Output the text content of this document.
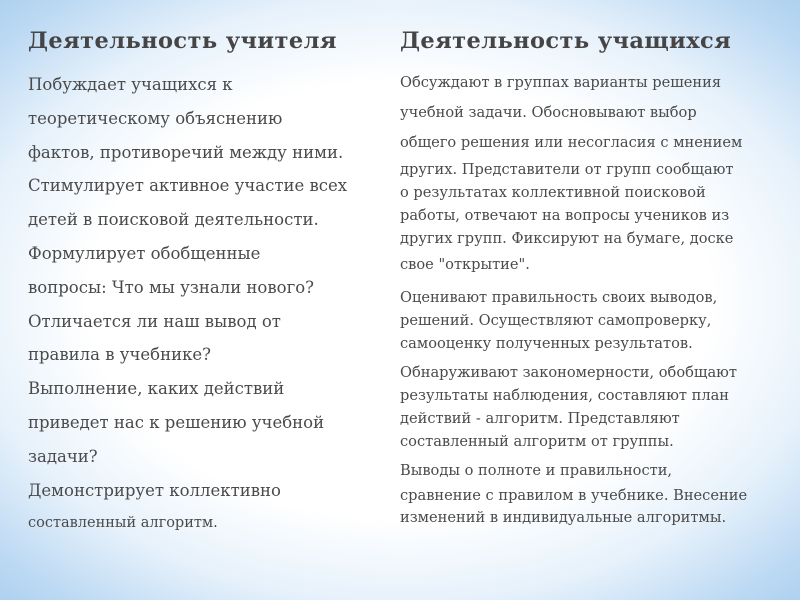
Деятельность учителя
Побуждает учащихся к
теоретическому объяснению
фактов, противоречий между ними.
Стимулирует активное участие всех
детей в поисковой деятельности.
Формулирует обобщенные
вопросы: Что мы узнали нового?
Отличается ли наш вывод от
правила в учебнике?
Выполнение, каких действий
приведет нас к решению учебной
задачи?
Демонстрирует коллективно
составленный алгоритм.
Деятельность учащихся

Обсуждают в группах варианты решения
учебной задачи. Обосновывают выбор
общего решения или несогласия с мнением
других. Представители от групп сообщают
о результатах коллективной поисковой
работы, отвечают на вопросы учеников из
других групп. Фиксируют на бумаге, доске
свое "открытие".

Оценивают правильность своих выводов,
решений. Осуществляют самопроверку,
самооценку полученных результатов.

Обнаруживают закономерности, обобщают
результаты наблюдения, составляют план
действий - алгоритм. Представляют
составленный алгоритм от группы.

Выводы о полноте и правильности,
сравнение с правилом в учебнике. Внесение
изменений в индивидуальные алгоритмы.
